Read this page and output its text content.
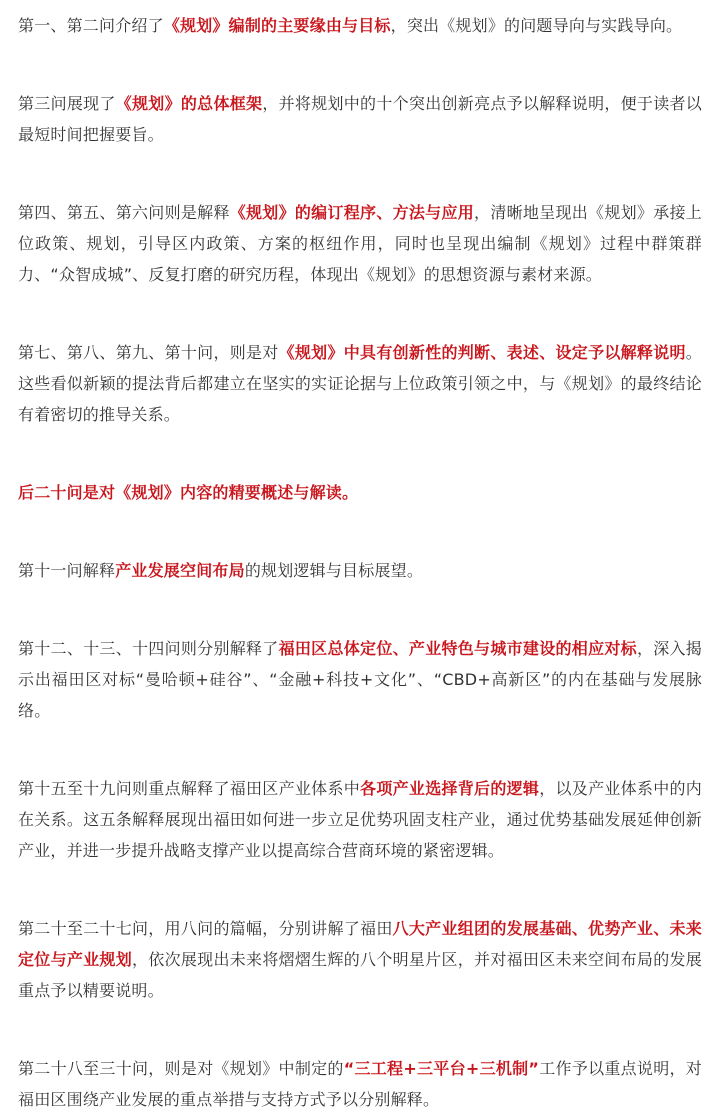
第一、第二问介绍了《规划》编制的主要缘由与目标，突出《规划》的问题导向与实践导向。

第三问展现了《规划》的总体框架，并将规划中的十个突出创新亮点予以解释说明，便于读者以最短时间把握要旨。

第四、第五、第六问则是解释《规划》的编订程序、方法与应用，清晰地呈现出《规划》承接上位政策、规划，引导区内政策、方案的枢纽作用，同时也呈现出编制《规划》过程中群策群力、“众智成城”、反复打磨的研究历程，体现出《规划》的思想资源与素材来源。

第七、第八、第九、第十问，则是对《规划》中具有创新性的判断、表述、设定予以解释说明。这些看似新颖的提法背后都建立在坚实的实证论据与上位政策引领之中，与《规划》的最终结论有着密切的推导关系。

后二十问是对《规划》内容的精要概述与解读。

第十一问解释产业发展空间布局的规划逻辑与目标展望。

第十二、十三、十四问则分别解释了福田区总体定位、产业特色与城市建设的相应对标，深入揭示出福田区对标“曼哈顿+硅谷”、“金融+科技+文化”、“CBD+高新区”的内在基础与发展脉络。

第十五至十九问则重点解释了福田区产业体系中各项产业选择背后的逻辑，以及产业体系中的内在关系。这五条解释展现出福田如何进一步立足优势巩固支柱产业，通过优势基础发展延伸创新产业，并进一步提升战略支撑产业以提高综合营商环境的紧密逻辑。

第二十至二十七问，用八问的篇幅，分别讲解了福田八大产业组团的发展基础、优势产业、未来定位与产业规划，依次展现出未来将熠熠生辉的八个明星片区，并对福田区未来空间布局的发展重点予以精要说明。

第二十八至三十问，则是对《规划》中制定的“三工程+三平台+三机制”工作予以重点说明，对福田区围绕产业发展的重点举措与支持方式予以分别解释。
